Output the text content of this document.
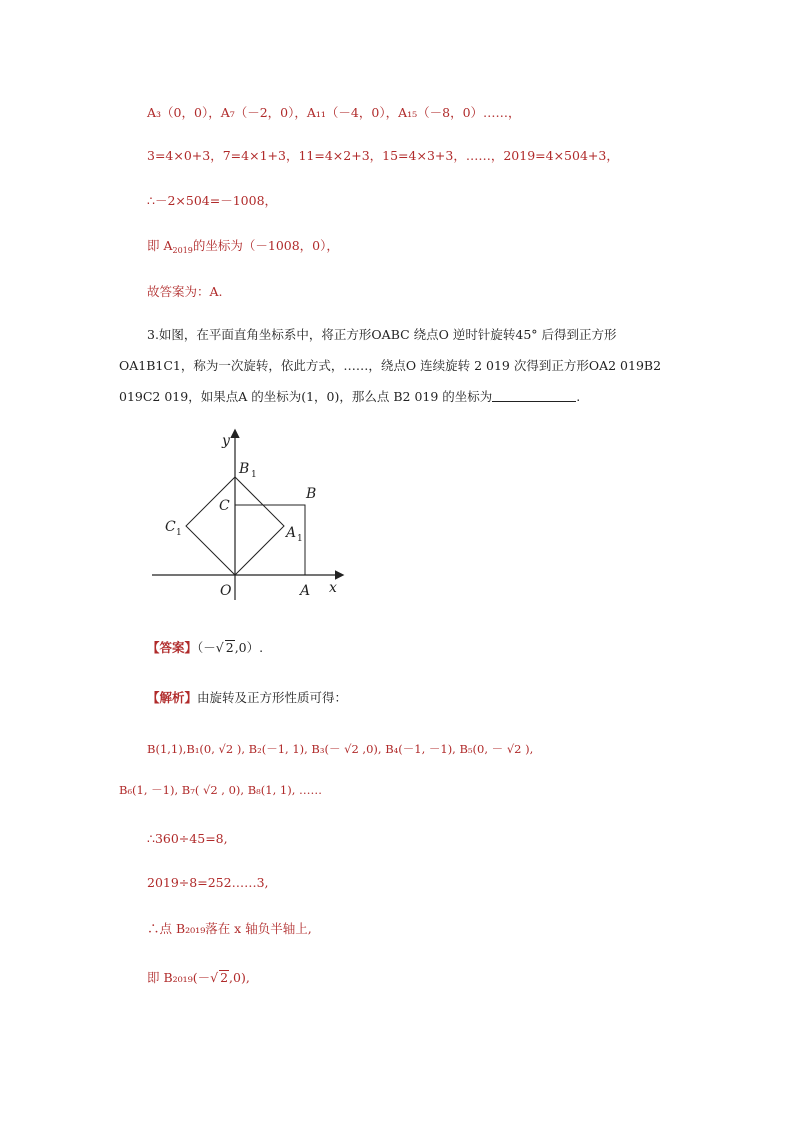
A₃（0，0），A₇（－2，0），A₁₁（－4，0），A₁₅（－8，0）……，
3=4×0+3，7=4×1+3，11=4×2+3，15=4×3+3，……，2019=4×504+3，
∴－2×504=－1008，
即 $A_{2019}$的坐标为（－1008，0），
故答案为：A.
3.如图，在平面直角坐标系中，将正方形OABC 绕点O 逆时针旋转45° 后得到正方形
OA1B1C1，称为一次旋转，依此方式，……，绕点O 连续旋转 2 019 次得到正方形OA2 019B2
019C2 019，如果点A 的坐标为(1，0)，那么点 B2 019 的坐标为	.
y
x
O	A
B
C
B 1
A 1
C 1
【答案】（－√ 2,0）.
【解析】由旋转及正方形性质可得：
B(1,1),B₁(0, √2 ), B₂(－1, 1), B₃(－ √2 ,0), B₄(－1, －1), B₅(0, － √2 ),
B₆(1, －1), B₇( √2 , 0), B₈(1, 1), ……
∴360÷45=8,
2019÷8=252……3,
∴点 B₂₀₁₉落在 x 轴负半轴上,
即 B₂₀₁₉(－√ 2,0),
